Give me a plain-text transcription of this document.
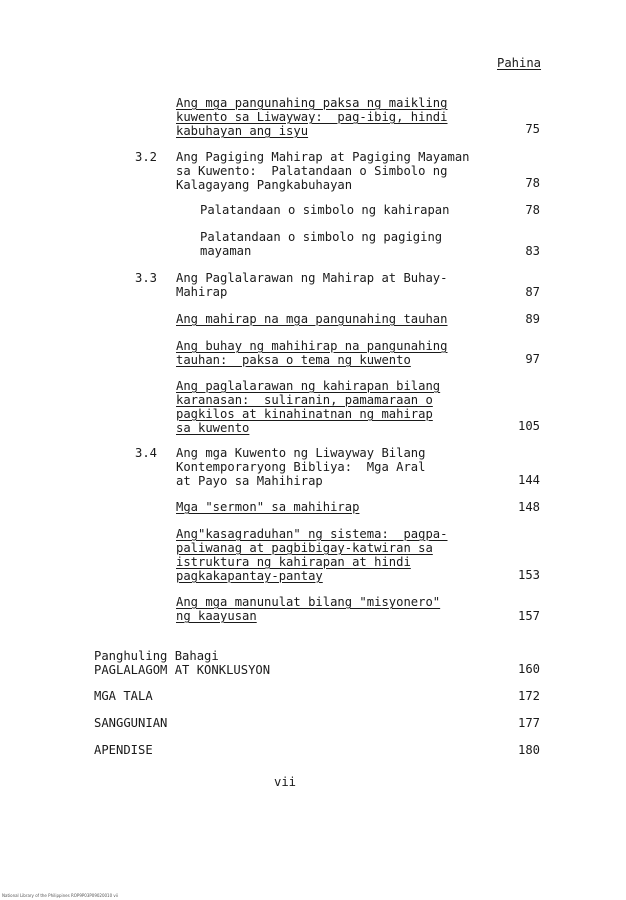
Pahina
Ang mga pangunahing paksa ng maikling
kuwento sa Liwayway:  pag-ibig, hindi
kabuhayan ang isyu	75
3.2 Ang Pagiging Mahirap at Pagiging Mayaman
sa Kuwento:  Palatandaan o Simbolo ng
Kalagayang Pangkabuhayan	78
Palatandaan o simbolo ng kahirapan	78
Palatandaan o simbolo ng pagiging
mayaman	83
3.3 Ang Paglalarawan ng Mahirap at Buhay-
Mahirap	87
Ang mahirap na mga pangunahing tauhan	89
Ang buhay ng mahihirap na pangunahing
tauhan:  paksa o tema ng kuwento	97
Ang paglalarawan ng kahirapan bilang
karanasan:  suliranin, pamamaraan o
pagkilos at kinahinatnan ng mahirap
sa kuwento	105
3.4 Ang mga Kuwento ng Liwayway Bilang
Kontemporaryong Bibliya:  Mga Aral
at Payo sa Mahihirap	144
Mga "sermon" sa mahihirap	148
Ang"kasagraduhan" ng sistema:  pagpa-
paliwanag at pagbibigay-katwiran sa
istruktura ng kahirapan at hindi
pagkakapantay-pantay	153
Ang mga manunulat bilang "misyonero"
ng kaayusan	157
Panghuling Bahagi
PAGLALAGOM AT KONKLUSYON	160
MGA TALA	172
SANGGUNIAN	177
APENDISE	180
vii
National Library of the Philippines ROP9P03P09020010 vii
